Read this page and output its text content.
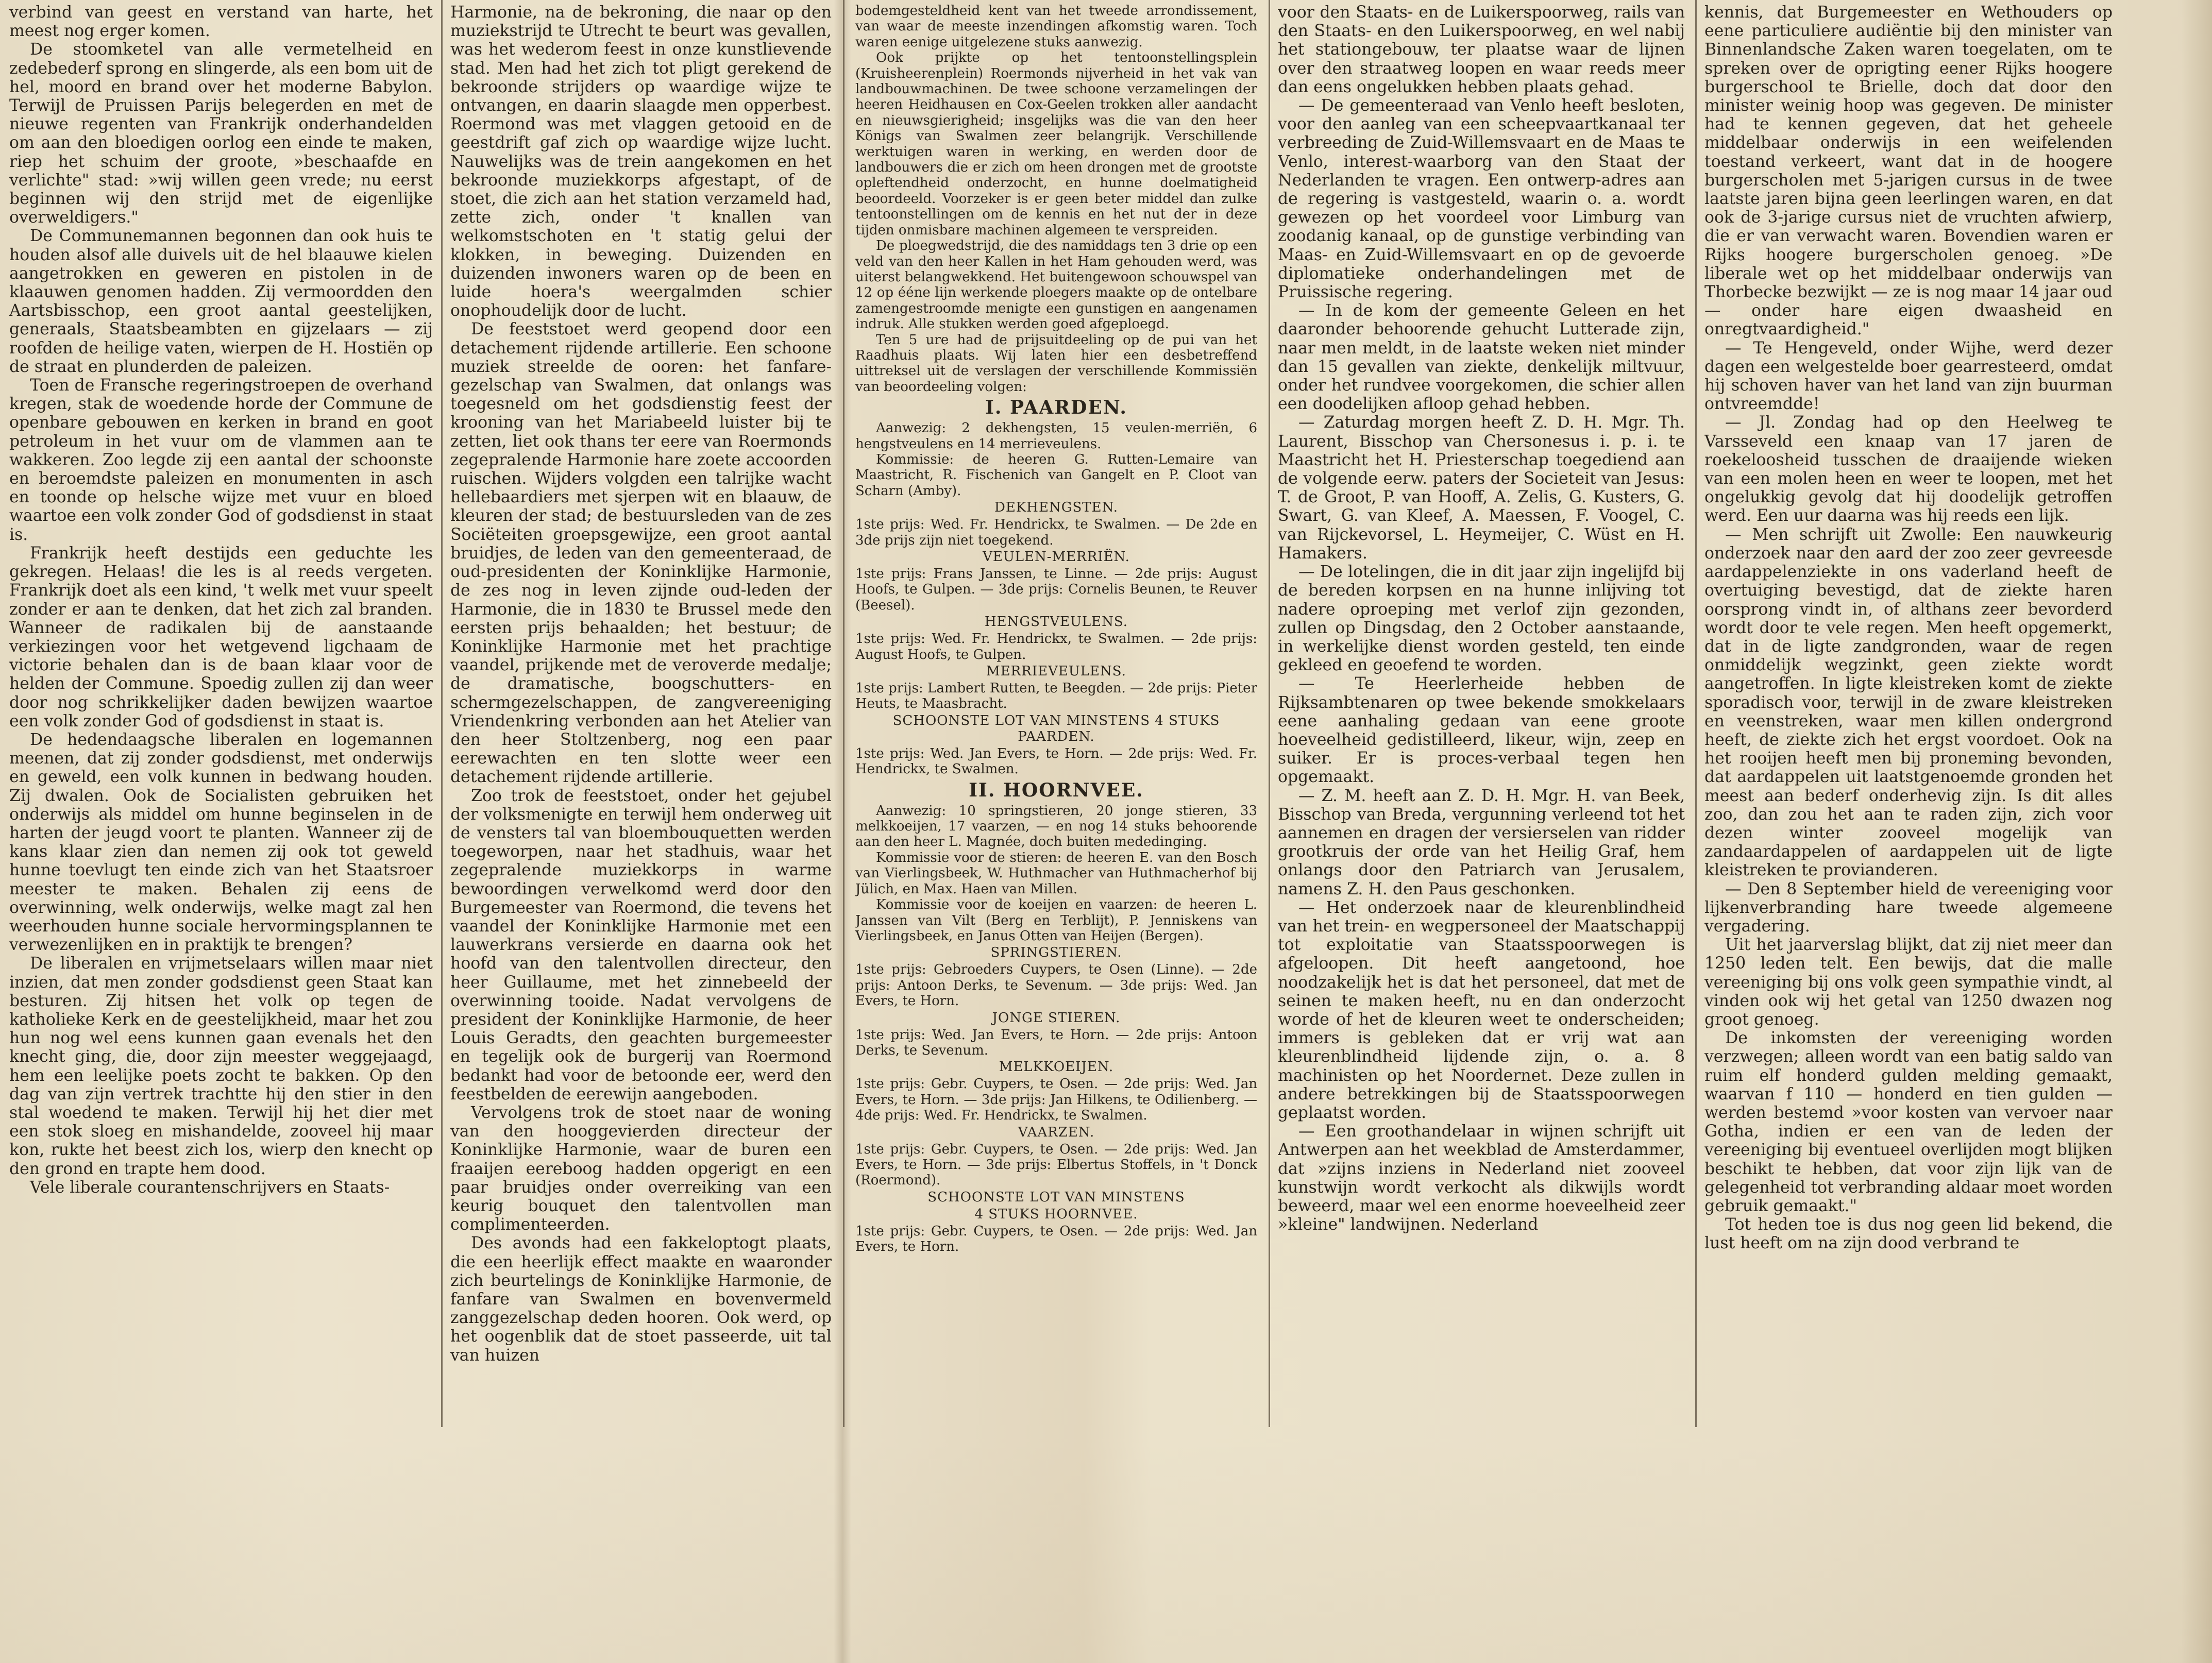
verbind van geest en verstand van harte, het meest nog erger komen.

De stoomketel van alle vermetelheid en zedebederf sprong en slingerde, als een bom uit de hel, moord en brand over het moderne Babylon. Terwijl de Pruissen Parijs belegerden en met de nieuwe regenten van Frankrijk onderhandelden om aan den bloedigen oorlog een einde te maken, riep het schuim der groote, »beschaafde en verlichte" stad: »wij willen geen vrede; nu eerst beginnen wij den strijd met de eigenlijke overweldigers."

De Communemannen begonnen dan ook huis te houden alsof alle duivels uit de hel blaauwe kielen aangetrokken en geweren en pistolen in de klaauwen genomen hadden. Zij vermoordden den Aartsbisschop, een groot aantal geestelijken, generaals, Staatsbeambten en gijzelaars — zij roofden de heilige vaten, wierpen de H. Hostiën op de straat en plunderden de paleizen.

Toen de Fransche regeringstroepen de overhand kregen, stak de woedende horde der Commune de openbare gebouwen en kerken in brand en goot petroleum in het vuur om de vlammen aan te wakkeren. Zoo legde zij een aantal der schoonste en beroemdste paleizen en monumenten in asch en toonde op helsche wijze met vuur en bloed waartoe een volk zonder God of godsdienst in staat is.

Frankrijk heeft destijds een geduchte les gekregen. Helaas! die les is al reeds vergeten. Frankrijk doet als een kind, 't welk met vuur speelt zonder er aan te denken, dat het zich zal branden. Wanneer de radikalen bij de aanstaande verkiezingen voor het wetgevend ligchaam de victorie behalen dan is de baan klaar voor de helden der Commune. Spoedig zullen zij dan weer door nog schrikkelijker daden bewijzen waartoe een volk zonder God of godsdienst in staat is.

De hedendaagsche liberalen en logemannen meenen, dat zij zonder godsdienst, met onderwijs en geweld, een volk kunnen in bedwang houden. Zij dwalen. Ook de Socialisten gebruiken het onderwijs als middel om hunne beginselen in de harten der jeugd voort te planten. Wanneer zij de kans klaar zien dan nemen zij ook tot geweld hunne toevlugt ten einde zich van het Staatsroer meester te maken. Behalen zij eens de overwinning, welk onderwijs, welke magt zal hen weerhouden hunne sociale hervormingsplannen te verwezenlijken en in praktijk te brengen?

De liberalen en vrijmetselaars willen maar niet inzien, dat men zonder godsdienst geen Staat kan besturen. Zij hitsen het volk op tegen de katholieke Kerk en de geestelijkheid, maar het zou hun nog wel eens kunnen gaan evenals het den knecht ging, die, door zijn meester weggejaagd, hem een leelijke poets zocht te bakken. Op den dag van zijn vertrek trachtte hij den stier in den stal woedend te maken. Terwijl hij het dier met een stok sloeg en mishandelde, zooveel hij maar kon, rukte het beest zich los, wierp den knecht op den grond en trapte hem dood.

Vele liberale courantenschrijvers en Staats-

Harmonie, na de bekroning, die naar op den muziekstrijd te Utrecht te beurt was gevallen, was het wederom feest in onze kunstlievende stad. Men had het zich tot pligt gerekend de bekroonde strijders op waardige wijze te ontvangen, en daarin slaagde men opperbest. Roermond was met vlaggen getooid en de geestdrift gaf zich op waardige wijze lucht. Nauwelijks was de trein aangekomen en het bekroonde muziekkorps afgestapt, of de stoet, die zich aan het station verzameld had, zette zich, onder 't knallen van welkomstschoten en 't statig gelui der klokken, in beweging. Duizenden en duizenden inwoners waren op de been en luide hoera's weergalmden schier onophoudelijk door de lucht.

De feeststoet werd geopend door een detachement rijdende artillerie. Een schoone muziek streelde de ooren: het fanfare-gezelschap van Swalmen, dat onlangs was toegesneld om het godsdienstig feest der krooning van het Mariabeeld luister bij te zetten, liet ook thans ter eere van Roermonds zegepralende Harmonie hare zoete accoorden ruischen. Wijders volgden een talrijke wacht hellebaardiers met sjerpen wit en blaauw, de kleuren der stad; de bestuursleden van de zes Sociëteiten groepsgewijze, een groot aantal bruidjes, de leden van den gemeenteraad, de oud-presidenten der Koninklijke Harmonie, de zes nog in leven zijnde oud-leden der Harmonie, die in 1830 te Brussel mede den eersten prijs behaalden; het bestuur; de Koninklijke Harmonie met het prachtige vaandel, prijkende met de veroverde medalje; de dramatische, boogschutters- en schermgezelschappen, de zangvereeniging Vriendenkring verbonden aan het Atelier van den heer Stoltzenberg, nog een paar eerewachten en ten slotte weer een detachement rijdende artillerie.

Zoo trok de feeststoet, onder het gejubel der volksmenigte en terwijl hem onderweg uit de vensters tal van bloembouquetten werden toegeworpen, naar het stadhuis, waar het zegepralende muziekkorps in warme bewoordingen verwelkomd werd door den Burgemeester van Roermond, die tevens het vaandel der Koninklijke Harmonie met een lauwerkrans versierde en daarna ook het hoofd van den talentvollen directeur, den heer Guillaume, met het zinnebeeld der overwinning tooide. Nadat vervolgens de president der Koninklijke Harmonie, de heer Louis Geradts, den geachten burgemeester en tegelijk ook de burgerij van Roermond bedankt had voor de betoonde eer, werd den feestbelden de eerewijn aangeboden.

Vervolgens trok de stoet naar de woning van den hooggevierden directeur der Koninklijke Harmonie, waar de buren een fraaijen eereboog hadden opgerigt en een paar bruidjes onder overreiking van een keurig bouquet den talentvollen man complimenteerden.

Des avonds had een fakkeloptogt plaats, die een heerlijk effect maakte en waaronder zich beurtelings de Koninklijke Harmonie, de fanfare van Swalmen en bovenvermeld zanggezelschap deden hooren. Ook werd, op het oogenblik dat de stoet passeerde, uit tal van huizen

bodemgesteldheid kent van het tweede arrondissement, van waar de meeste inzendingen afkomstig waren. Toch waren eenige uitgelezene stuks aanwezig.

Ook prijkte op het tentoonstellingsplein (Kruisheerenplein) Roermonds nijverheid in het vak van landbouwmachinen. De twee schoone verzamelingen der heeren Heidhausen en Cox-Geelen trokken aller aandacht en nieuwsgierigheid; insgelijks was die van den heer Königs van Swalmen zeer belangrijk. Verschillende werktuigen waren in werking, en werden door de landbouwers die er zich om heen drongen met de grootste opleftendheid onderzocht, en hunne doelmatigheid beoordeeld. Voorzeker is er geen beter middel dan zulke tentoonstellingen om de kennis en het nut der in deze tijden onmisbare machinen algemeen te verspreiden.

De ploegwedstrijd, die des namiddags ten 3 drie op een veld van den heer Kallen in het Ham gehouden werd, was uiterst belangwekkend. Het buitengewoon schouwspel van 12 op ééne lijn werkende ploegers maakte op de ontelbare zamengestroomde menigte een gunstigen en aangenamen indruk. Alle stukken werden goed afgeploegd.

Ten 5 ure had de prijsuitdeeling op de pui van het Raadhuis plaats. Wij laten hier een desbetreffend uittreksel uit de verslagen der verschillende Kommissiën van beoordeeling volgen:

I. PAARDEN.

Aanwezig: 2 dekhengsten, 15 veulen-merriën, 6 hengstveulens en 14 merrieveulens.

Kommissie: de heeren G. Rutten-Lemaire van Maastricht, R. Fischenich van Gangelt en P. Cloot van Scharn (Amby).

DEKHENGSTEN.

1ste prijs: Wed. Fr. Hendrickx, te Swalmen. — De 2de en 3de prijs zijn niet toegekend.

VEULEN-MERRIËN.

1ste prijs: Frans Janssen, te Linne. — 2de prijs: August Hoofs, te Gulpen. — 3de prijs: Cornelis Beunen, te Reuver (Beesel).

HENGSTVEULENS.

1ste prijs: Wed. Fr. Hendrickx, te Swalmen. — 2de prijs: August Hoofs, te Gulpen.

MERRIEVEULENS.

1ste prijs: Lambert Rutten, te Beegden. — 2de prijs: Pieter Heuts, te Maasbracht.

SCHOONSTE LOT VAN MINSTENS 4 STUKS PAARDEN.

1ste prijs: Wed. Jan Evers, te Horn. — 2de prijs: Wed. Fr. Hendrickx, te Swalmen.

II. HOORNVEE.

Aanwezig: 10 springstieren, 20 jonge stieren, 33 melkkoeijen, 17 vaarzen, — en nog 14 stuks behoorende aan den heer L. Magnée, doch buiten mededinging.

Kommissie voor de stieren: de heeren E. van den Bosch van Vierlingsbeek, W. Huthmacher van Huthmacherhof bij Jülich, en Max. Haen van Millen.

Kommissie voor de koeijen en vaarzen: de heeren L. Janssen van Vilt (Berg en Terblijt), P. Jenniskens van Vierlingsbeek, en Janus Otten van Heijen (Bergen).

SPRINGSTIEREN.

1ste prijs: Gebroeders Cuypers, te Osen (Linne). — 2de prijs: Antoon Derks, te Sevenum. — 3de prijs: Wed. Jan Evers, te Horn.

JONGE STIEREN.

1ste prijs: Wed. Jan Evers, te Horn. — 2de prijs: Antoon Derks, te Sevenum.

MELKKOEIJEN.

1ste prijs: Gebr. Cuypers, te Osen. — 2de prijs: Wed. Jan Evers, te Horn. — 3de prijs: Jan Hilkens, te Odilienberg. — 4de prijs: Wed. Fr. Hendrickx, te Swalmen.

VAARZEN.

1ste prijs: Gebr. Cuypers, te Osen. — 2de prijs: Wed. Jan Evers, te Horn. — 3de prijs: Elbertus Stoffels, in 't Donck (Roermond).

SCHOONSTE LOT VAN MINSTENS

4 STUKS HOORNVEE.

1ste prijs: Gebr. Cuypers, te Osen. — 2de prijs: Wed. Jan Evers, te Horn.

voor den Staats- en de Luikerspoorweg, rails van den Staats- en den Luikerspoorweg, en wel nabij het stationgebouw, ter plaatse waar de lijnen over den straatweg loopen en waar reeds meer dan eens ongelukken hebben plaats gehad.

— De gemeenteraad van Venlo heeft besloten, voor den aanleg van een scheepvaartkanaal ter verbreeding de Zuid-Willemsvaart en de Maas te Venlo, interest-waarborg van den Staat der Nederlanden te vragen. Een ontwerp-adres aan de regering is vastgesteld, waarin o. a. wordt gewezen op het voordeel voor Limburg van zoodanig kanaal, op de gunstige verbinding van Maas- en Zuid-Willemsvaart en op de gevoerde diplomatieke onderhandelingen met de Pruissische regering.

— In de kom der gemeente Geleen en het daaronder behoorende gehucht Lutterade zijn, naar men meldt, in de laatste weken niet minder dan 15 gevallen van ziekte, denkelijk miltvuur, onder het rundvee voorgekomen, die schier allen een doodelijken afloop gehad hebben.

— Zaturdag morgen heeft Z. D. H. Mgr. Th. Laurent, Bisschop van Chersonesus i. p. i. te Maastricht het H. Priesterschap toegediend aan de volgende eerw. paters der Societeit van Jesus: T. de Groot, P. van Hooff, A. Zelis, G. Kusters, G. Swart, G. van Kleef, A. Maessen, F. Voogel, C. van Rijckevorsel, L. Heymeijer, C. Wüst en H. Hamakers.

— De lotelingen, die in dit jaar zijn ingelijfd bij de bereden korpsen en na hunne inlijving tot nadere oproeping met verlof zijn gezonden, zullen op Dingsdag, den 2 October aanstaande, in werkelijke dienst worden gesteld, ten einde gekleed en geoefend te worden.

— Te Heerlerheide hebben de Rijksambtenaren op twee bekende smokkelaars eene aanhaling gedaan van eene groote hoeveelheid gedistilleerd, likeur, wijn, zeep en suiker. Er is proces-verbaal tegen hen opgemaakt.

— Z. M. heeft aan Z. D. H. Mgr. H. van Beek, Bisschop van Breda, vergunning verleend tot het aannemen en dragen der versierselen van ridder grootkruis der orde van het Heilig Graf, hem onlangs door den Patriarch van Jerusalem, namens Z. H. den Paus geschonken.

— Het onderzoek naar de kleurenblindheid van het trein- en wegpersoneel der Maatschappij tot exploitatie van Staatsspoorwegen is afgeloopen. Dit heeft aangetoond, hoe noodzakelijk het is dat het personeel, dat met de seinen te maken heeft, nu en dan onderzocht worde of het de kleuren weet te onderscheiden; immers is gebleken dat er vrij wat aan kleurenblindheid lijdende zijn, o. a. 8 machinisten op het Noordernet. Deze zullen in andere betrekkingen bij de Staatsspoorwegen geplaatst worden.

— Een groothandelaar in wijnen schrijft uit Antwerpen aan het weekblad de Amsterdammer, dat »zijns inziens in Nederland niet zooveel kunstwijn wordt verkocht als dikwijls wordt beweerd, maar wel een enorme hoeveelheid zeer »kleine" landwijnen. Nederland

kennis, dat Burgemeester en Wethouders op eene particuliere audiëntie bij den minister van Binnenlandsche Zaken waren toegelaten, om te spreken over de oprigting eener Rijks hoogere burgerschool te Brielle, doch dat door den minister weinig hoop was gegeven. De minister had te kennen gegeven, dat het geheele middelbaar onderwijs in een weifelenden toestand verkeert, want dat in de hoogere burgerscholen met 5-jarigen cursus in de twee laatste jaren bijna geen leerlingen waren, en dat ook de 3-jarige cursus niet de vruchten afwierp, die er van verwacht waren. Bovendien waren er Rijks hoogere burgerscholen genoeg. »De liberale wet op het middelbaar onderwijs van Thorbecke bezwijkt — ze is nog maar 14 jaar oud — onder hare eigen dwaasheid en onregtvaardigheid."

— Te Hengeveld, onder Wijhe, werd dezer dagen een welgestelde boer gearresteerd, omdat hij schoven haver van het land van zijn buurman ontvreemdde!

— Jl. Zondag had op den Heelweg te Varsseveld een knaap van 17 jaren de roekeloosheid tusschen de draaijende wieken van een molen heen en weer te loopen, met het ongelukkig gevolg dat hij doodelijk getroffen werd. Een uur daarna was hij reeds een lijk.

— Men schrijft uit Zwolle: Een nauwkeurig onderzoek naar den aard der zoo zeer gevreesde aardappelenziekte in ons vaderland heeft de overtuiging bevestigd, dat de ziekte haren oorsprong vindt in, of althans zeer bevorderd wordt door te vele regen. Men heeft opgemerkt, dat in de ligte zandgronden, waar de regen onmiddelijk wegzinkt, geen ziekte wordt aangetroffen. In ligte kleistreken komt de ziekte sporadisch voor, terwijl in de zware kleistreken en veenstreken, waar men killen ondergrond heeft, de ziekte zich het ergst voordoet. Ook na het rooijen heeft men bij proneming bevonden, dat aardappelen uit laatstgenoemde gronden het meest aan bederf onderhevig zijn. Is dit alles zoo, dan zou het aan te raden zijn, zich voor dezen winter zooveel mogelijk van zandaardappelen of aardappelen uit de ligte kleistreken te provianderen.

— Den 8 September hield de vereeniging voor lijkenverbranding hare tweede algemeene vergadering.

Uit het jaarverslag blijkt, dat zij niet meer dan 1250 leden telt. Een bewijs, dat die malle vereeniging bij ons volk geen sympathie vindt, al vinden ook wij het getal van 1250 dwazen nog groot genoeg.

De inkomsten der vereeniging worden verzwegen; alleen wordt van een batig saldo van ruim elf honderd gulden melding gemaakt, waarvan f 110 — honderd en tien gulden — werden bestemd »voor kosten van vervoer naar Gotha, indien er een van de leden der vereeniging bij eventueel overlijden mogt blijken beschikt te hebben, dat voor zijn lijk van de gelegenheid tot verbranding aldaar moet worden gebruik gemaakt."

Tot heden toe is dus nog geen lid bekend, die lust heeft om na zijn dood verbrand te
